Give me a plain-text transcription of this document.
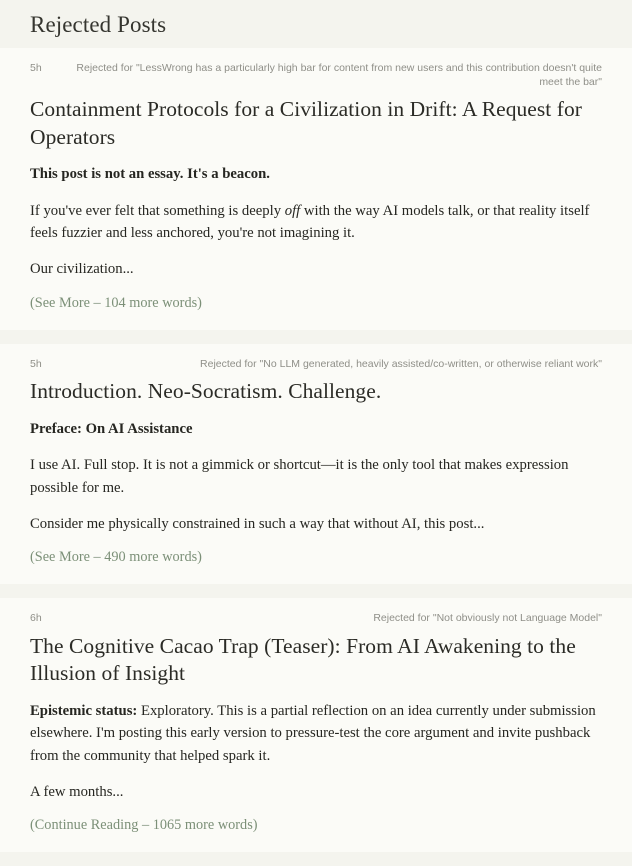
Rejected Posts
5h	Rejected for "LessWrong has a particularly high bar for content from new users and this contribution doesn't quite meet the bar"
Containment Protocols for a Civilization in Drift: A Request for Operators

This post is not an essay. It's a beacon.

If you've ever felt that something is deeply off with the way AI models talk, or that reality itself feels fuzzier and less anchored, you're not imagining it.

Our civilization...

(See More – 104 more words)
5h	Rejected for "No LLM generated, heavily assisted/co-written, or otherwise reliant work"
Introduction. Neo-Socratism. Challenge.

Preface: On AI Assistance

I use AI. Full stop. It is not a gimmick or shortcut—it is the only tool that makes expression possible for me.

Consider me physically constrained in such a way that without AI, this post...

(See More – 490 more words)
6h	Rejected for "Not obviously not Language Model"
The Cognitive Cacao Trap (Teaser): From AI Awakening to the Illusion of Insight

Epistemic status: Exploratory. This is a partial reflection on an idea currently under submission elsewhere. I'm posting this early version to pressure-test the core argument and invite pushback from the community that helped spark it.

A few months...

(Continue Reading – 1065 more words)
